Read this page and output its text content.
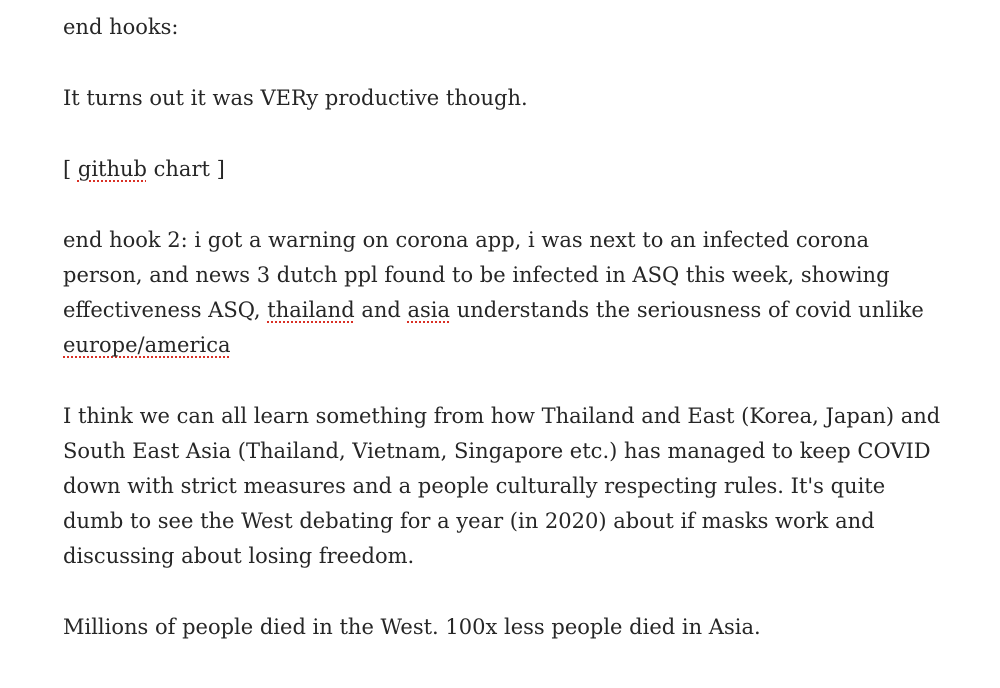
end hooks:

It turns out it was VERy productive though.

[ github chart ]

end hook 2: i got a warning on corona app, i was next to an infected corona person, and news 3 dutch ppl found to be infected in ASQ this week, showing effectiveness ASQ, thailand and asia understands the seriousness of covid unlike europe/america

I think we can all learn something from how Thailand and East (Korea, Japan) and South East Asia (Thailand, Vietnam, Singapore etc.) has managed to keep COVID down with strict measures and a people culturally respecting rules. It's quite dumb to see the West debating for a year (in 2020) about if masks work and discussing about losing freedom.

Millions of people died in the West. 100x less people died in Asia.
